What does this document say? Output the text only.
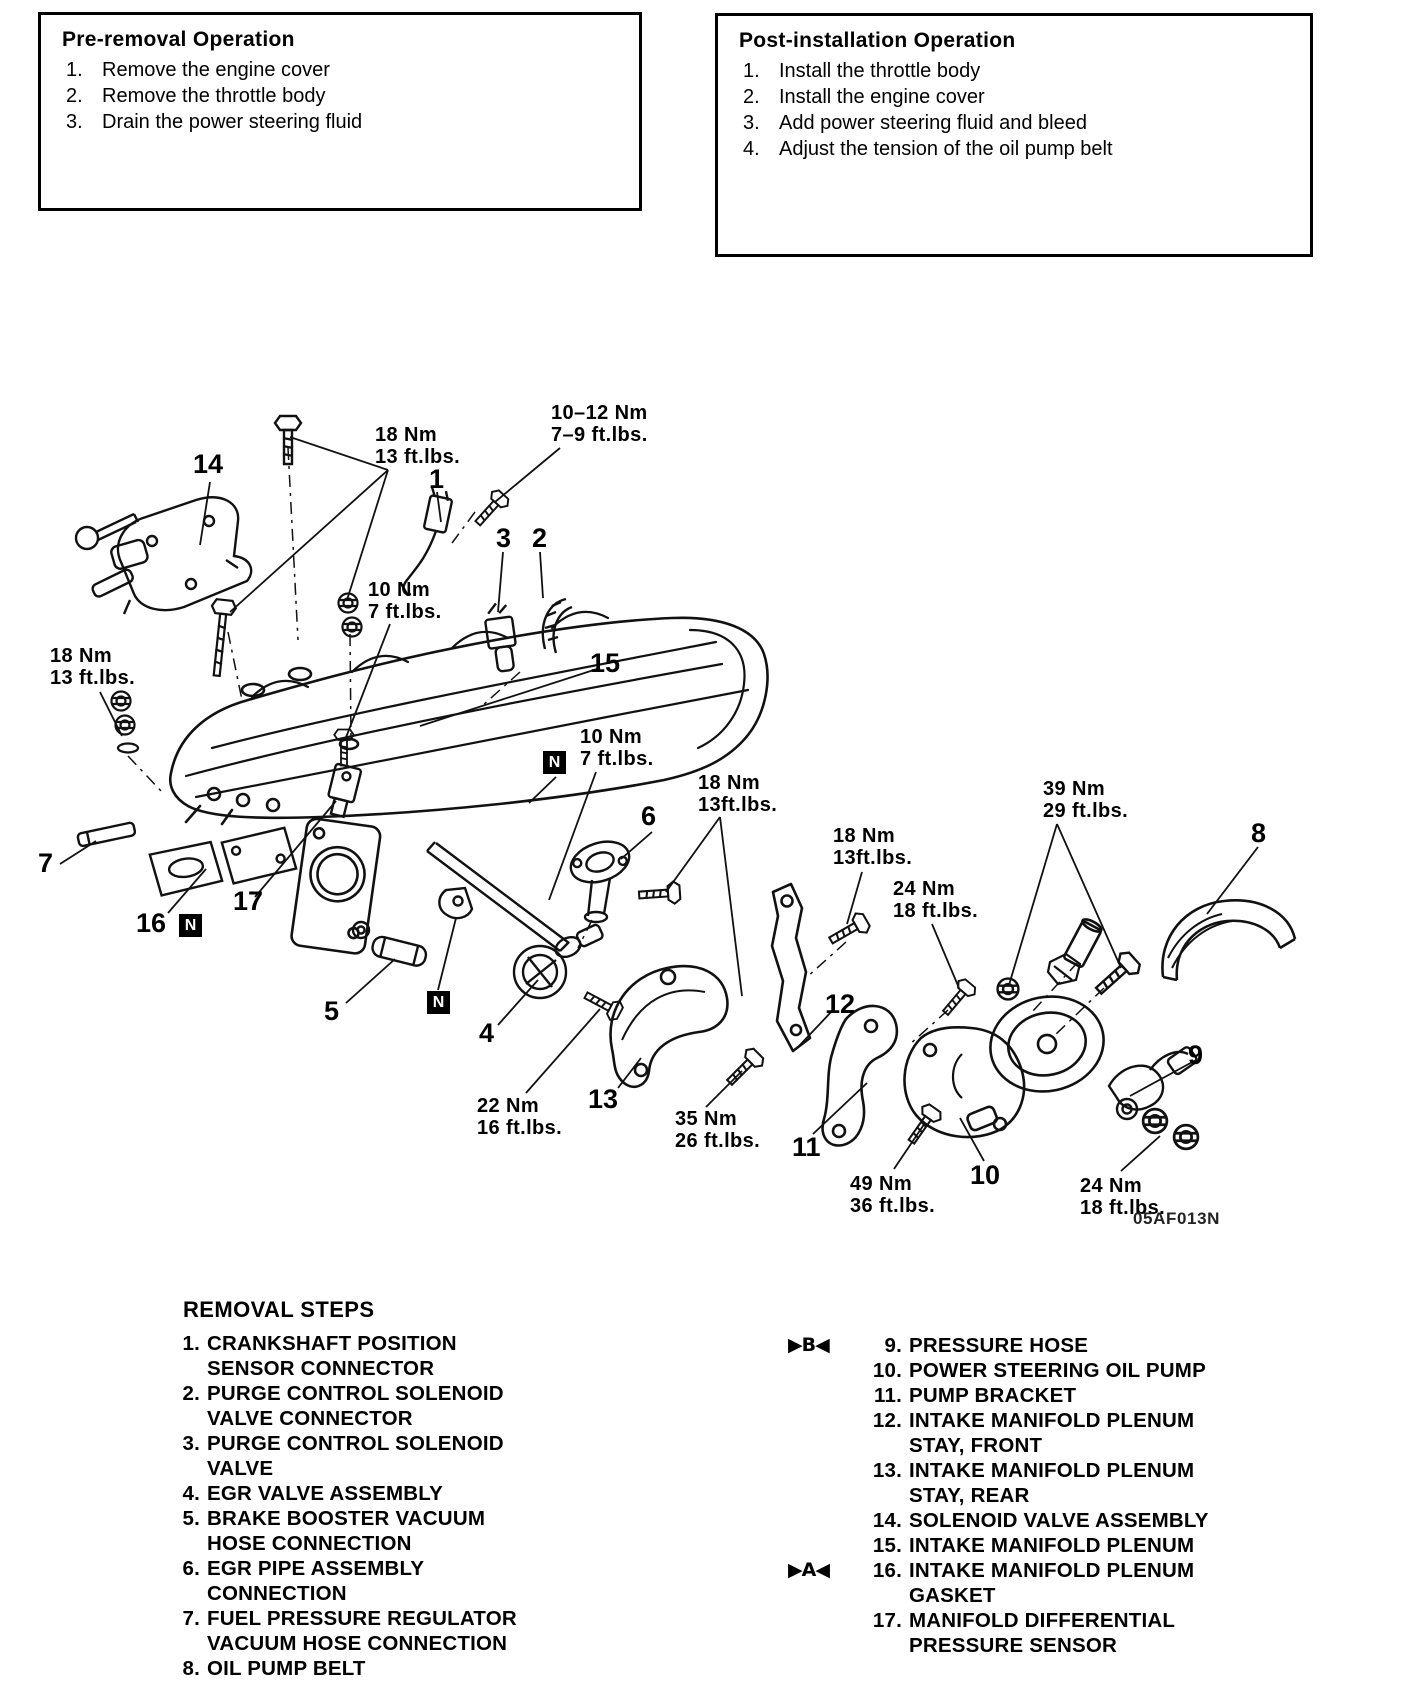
Pre-removal Operation
1. Remove the engine cover
2. Remove the throttle body
3. Drain the power steering fluid
Post-installation Operation
1. Install the throttle body
2. Install the engine cover
3. Add power steering fluid and bleed
4. Adjust the tension of the oil pump belt
18 Nm
13 ft.lbs.
10–12 Nm
7–9 ft.lbs.
10 Nm
7 ft.lbs.
18 Nm
13 ft.lbs.
10 Nm
7 ft.lbs.
18 Nm
13ft.lbs.
18 Nm
13ft.lbs.
39 Nm
29 ft.lbs.
24 Nm
18 ft.lbs.
22 Nm
16 ft.lbs.	35 Nm
26 ft.lbs.
49 Nm
36 ft.lbs.
24 Nm
18 ft.lbs.
14	1
3 2
15
6
8
7
16
17
5
4
13
11
12
10
9
N
N
N
05AF013N
REMOVAL STEPS
1. CRANKSHAFT POSITION SENSOR CONNECTOR
2. PURGE CONTROL SOLENOID VALVE CONNECTOR
3. PURGE CONTROL SOLENOID VALVE
4. EGR VALVE ASSEMBLY
5. BRAKE BOOSTER VACUUM HOSE CONNECTION
6. EGR PIPE ASSEMBLY CONNECTION
7. FUEL PRESSURE REGULATOR VACUUM HOSE CONNECTION
8. OIL PUMP BELT
▶B◀	9. PRESSURE HOSE
10. POWER STEERING OIL PUMP
11. PUMP BRACKET
12. INTAKE MANIFOLD PLENUM STAY, FRONT
13. INTAKE MANIFOLD PLENUM STAY, REAR
14. SOLENOID VALVE ASSEMBLY
15. INTAKE MANIFOLD PLENUM
▶A◀	16. INTAKE MANIFOLD PLENUM GASKET
17. MANIFOLD DIFFERENTIAL PRESSURE SENSOR
